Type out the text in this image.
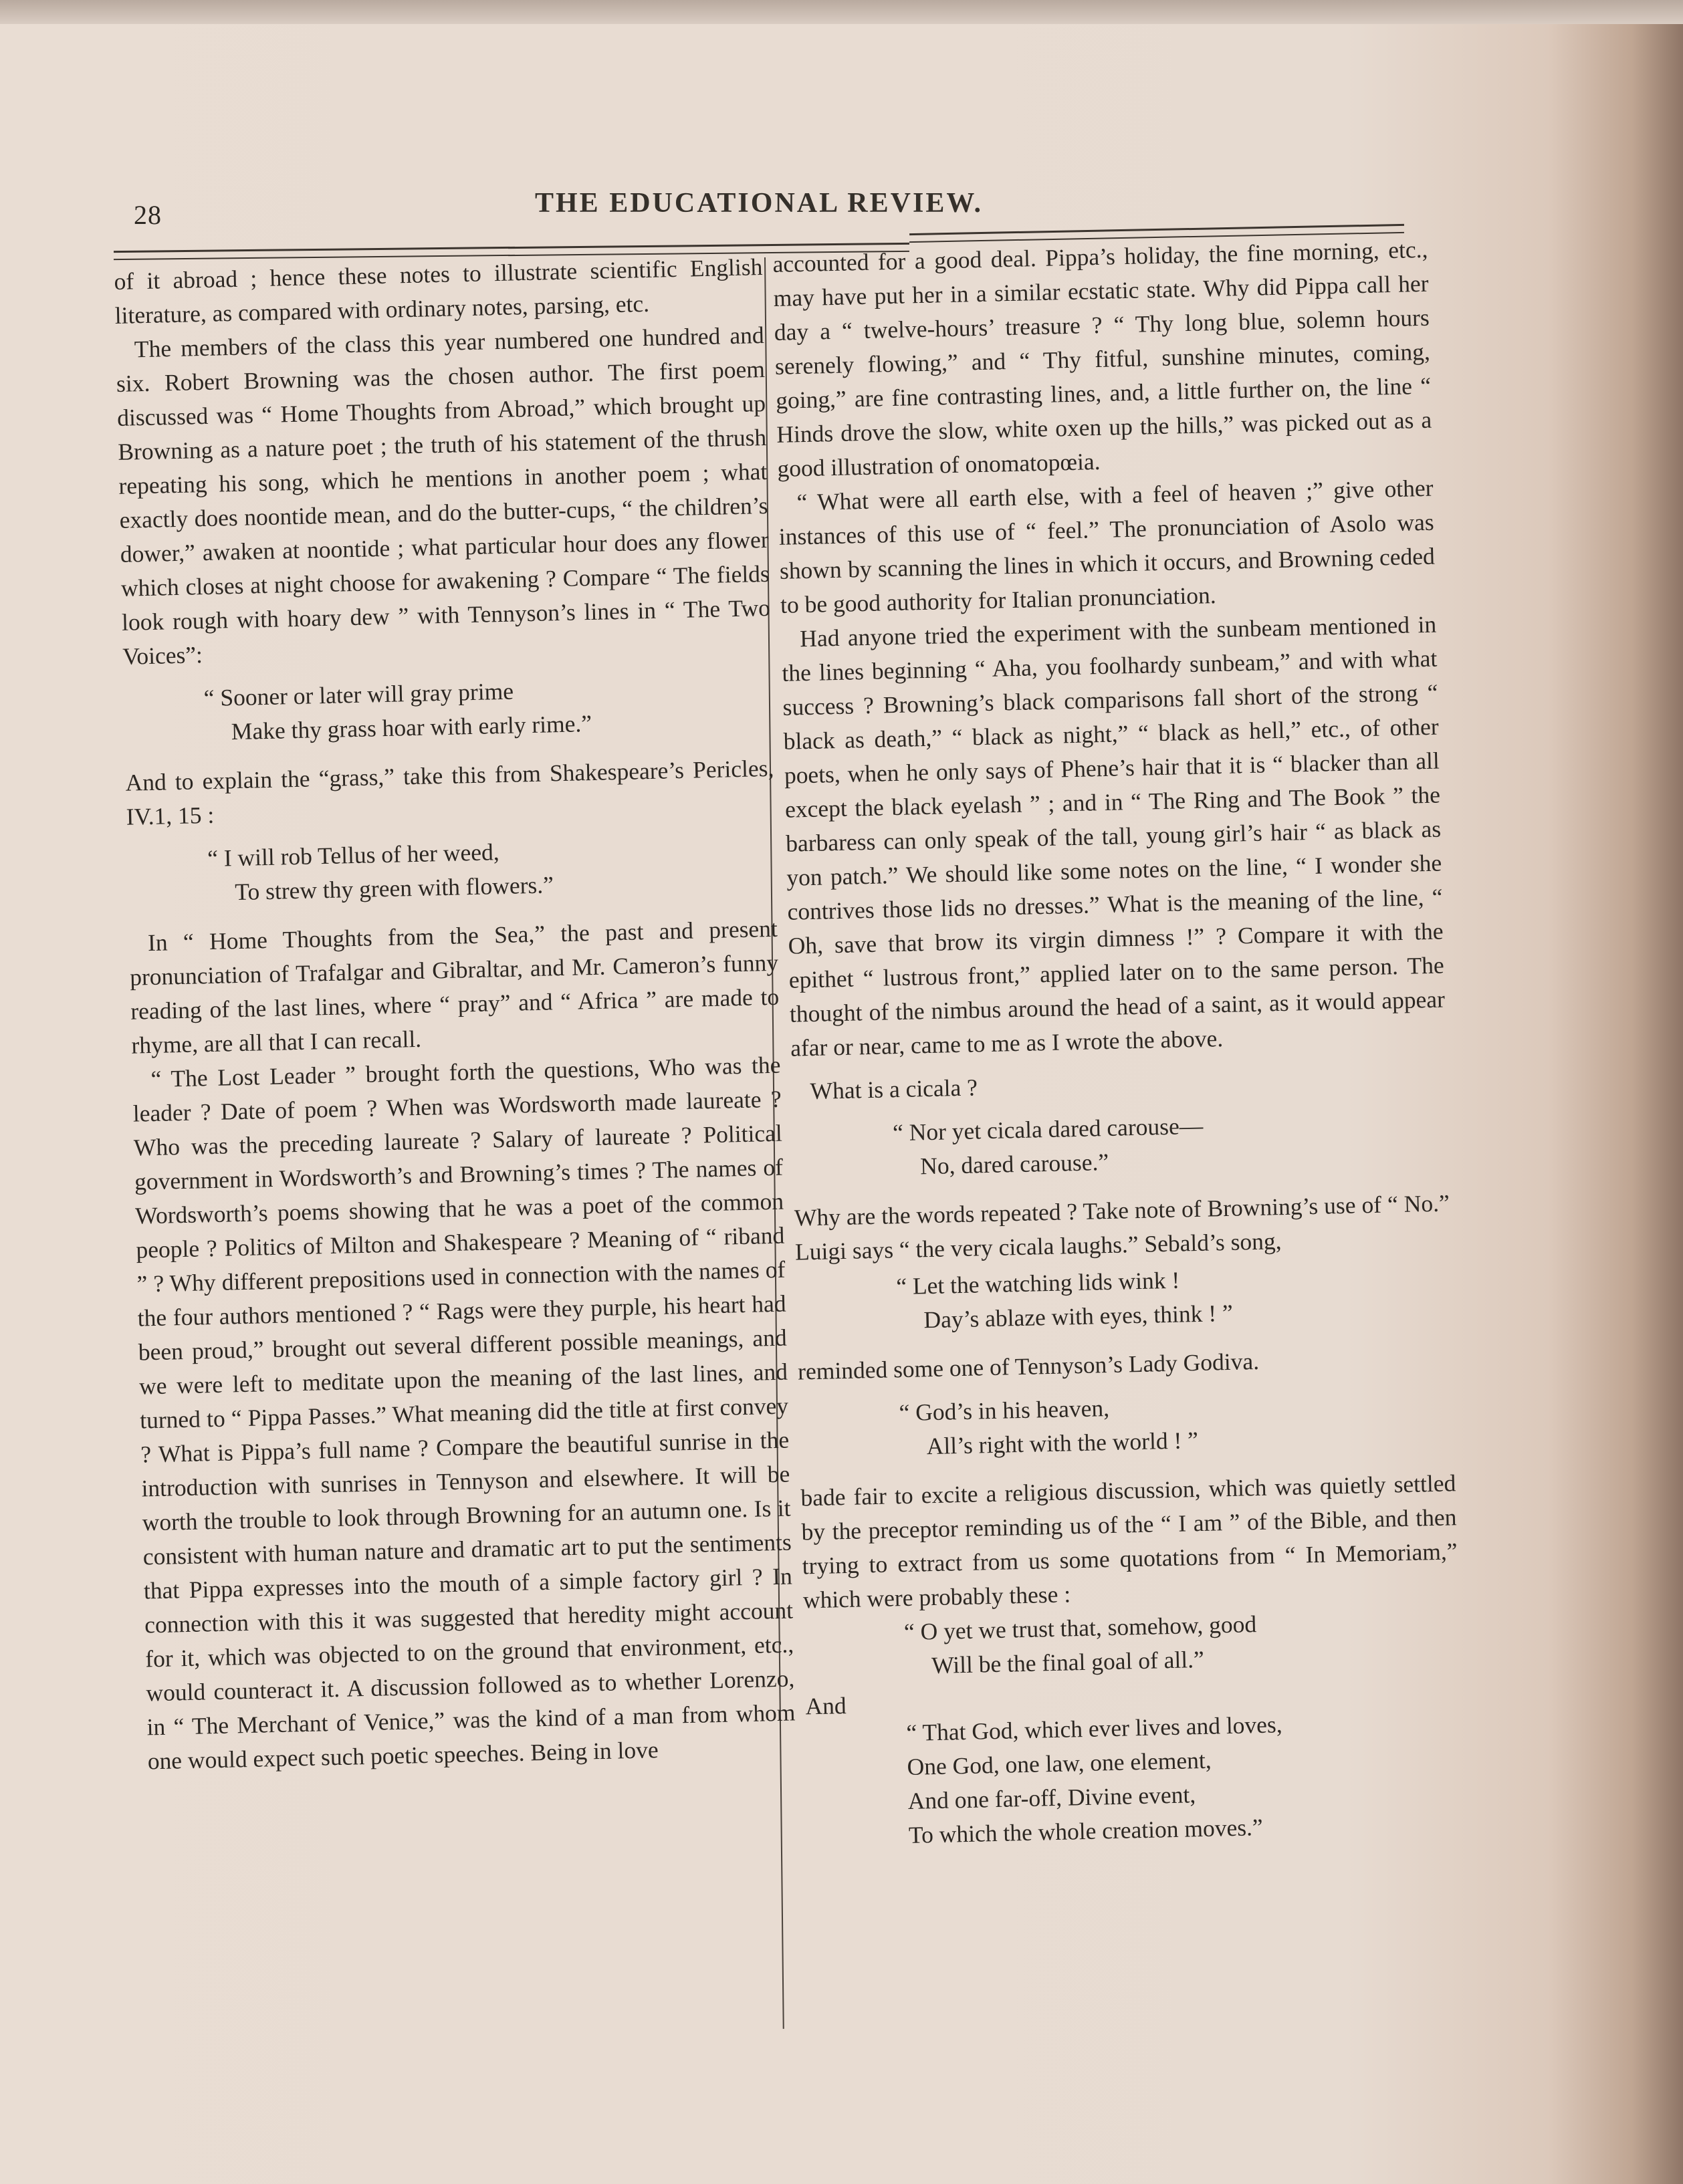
28	THE EDUCATIONAL REVIEW.

of it abroad ; hence these notes to illustrate scientific English literature, as compared with ordinary notes, parsing, etc.

The members of the class this year numbered one hundred and six. Robert Browning was the chosen author. The first poem discussed was “ Home Thoughts from Abroad,” which brought up Browning as a nature poet ; the truth of his statement of the thrush repeating his song, which he mentions in another poem ; what exactly does noontide mean, and do the butter-cups, “ the children’s dower,” awaken at noontide ; what particular hour does any flower which closes at night choose for awakening ? Compare “ The fields look rough with hoary dew ” with Tennyson’s lines in “ The Two Voices”:

“ Sooner or later will gray prime
Make thy grass hoar with early rime.”

And to explain the “grass,” take this from Shakespeare’s Pericles, IV.1, 15 :

“ I will rob Tellus of her weed,
To strew thy green with flowers.”

In “ Home Thoughts from the Sea,” the past and present pronunciation of Trafalgar and Gibraltar, and Mr. Cameron’s funny reading of the last lines, where “ pray” and “ Africa ” are made to rhyme, are all that I can recall.

“ The Lost Leader ” brought forth the questions, Who was the leader ? Date of poem ? When was Wordsworth made laureate ? Who was the preceding laureate ? Salary of laureate ? Political government in Wordsworth’s and Browning’s times ? The names of Wordsworth’s poems showing that he was a poet of the common people ? Politics of Milton and Shakespeare ? Meaning of “ riband ” ? Why different prepositions used in connection with the names of the four authors mentioned ? “ Rags were they purple, his heart had been proud,” brought out several different possible meanings, and we were left to meditate upon the meaning of the last lines, and turned to “ Pippa Passes.” What meaning did the title at first convey ? What is Pippa’s full name ? Compare the beautiful sunrise in the introduction with sunrises in Tennyson and elsewhere. It will be worth the trouble to look through Browning for an autumn one. Is it consistent with human nature and dramatic art to put the sentiments that Pippa expresses into the mouth of a simple factory girl ? In connection with this it was suggested that heredity might account for it, which was objected to on the ground that environment, etc., would counteract it. A discussion followed as to whether Lorenzo, in “ The Merchant of Venice,” was the kind of a man from whom one would expect such poetic speeches. Being in love

accounted for a good deal. Pippa’s holiday, the fine morning, etc., may have put her in a similar ecstatic state. Why did Pippa call her day a “ twelve-hours’ treasure ? “ Thy long blue, solemn hours serenely flowing,” and “ Thy fitful, sunshine minutes, coming, going,” are fine contrasting lines, and, a little further on, the line “ Hinds drove the slow, white oxen up the hills,” was picked out as a good illustration of onomatopœia.

“ What were all earth else, with a feel of heaven ;” give other instances of this use of “ feel.” The pronunciation of Asolo was shown by scanning the lines in which it occurs, and Browning ceded to be good authority for Italian pronunciation.

Had anyone tried the experiment with the sunbeam mentioned in the lines beginning “ Aha, you foolhardy sunbeam,” and with what success ? Browning’s black comparisons fall short of the strong “ black as death,” “ black as night,” “ black as hell,” etc., of other poets, when he only says of Phene’s hair that it is “ blacker than all except the black eyelash ” ; and in “ The Ring and The Book ” the barbaress can only speak of the tall, young girl’s hair “ as black as yon patch.” We should like some notes on the line, “ I wonder she contrives those lids no dresses.” What is the meaning of the line, “ Oh, save that brow its virgin dimness !” ? Compare it with the epithet “ lustrous front,” applied later on to the same person. The thought of the nimbus around the head of a saint, as it would appear afar or near, came to me as I wrote the above.

What is a cicala ?

“ Nor yet cicala dared carouse—
No, dared carouse.”

Why are the words repeated ? Take note of Browning’s use of “ No.” Luigi says “ the very cicala laughs.” Sebald’s song,

“ Let the watching lids wink !
Day’s ablaze with eyes, think ! ”

reminded some one of Tennyson’s Lady Godiva.

“ God’s in his heaven,
All’s right with the world ! ”

bade fair to excite a religious discussion, which was quietly settled by the preceptor reminding us of the “ I am ” of the Bible, and then trying to extract from us some quotations from “ In Memoriam,” which were probably these :

“ O yet we trust that, somehow, good
Will be the final goal of all.”

And

“ That God, which ever lives and loves,
One God, one law, one element,
And one far-off, Divine event,
To which the whole creation moves.”
